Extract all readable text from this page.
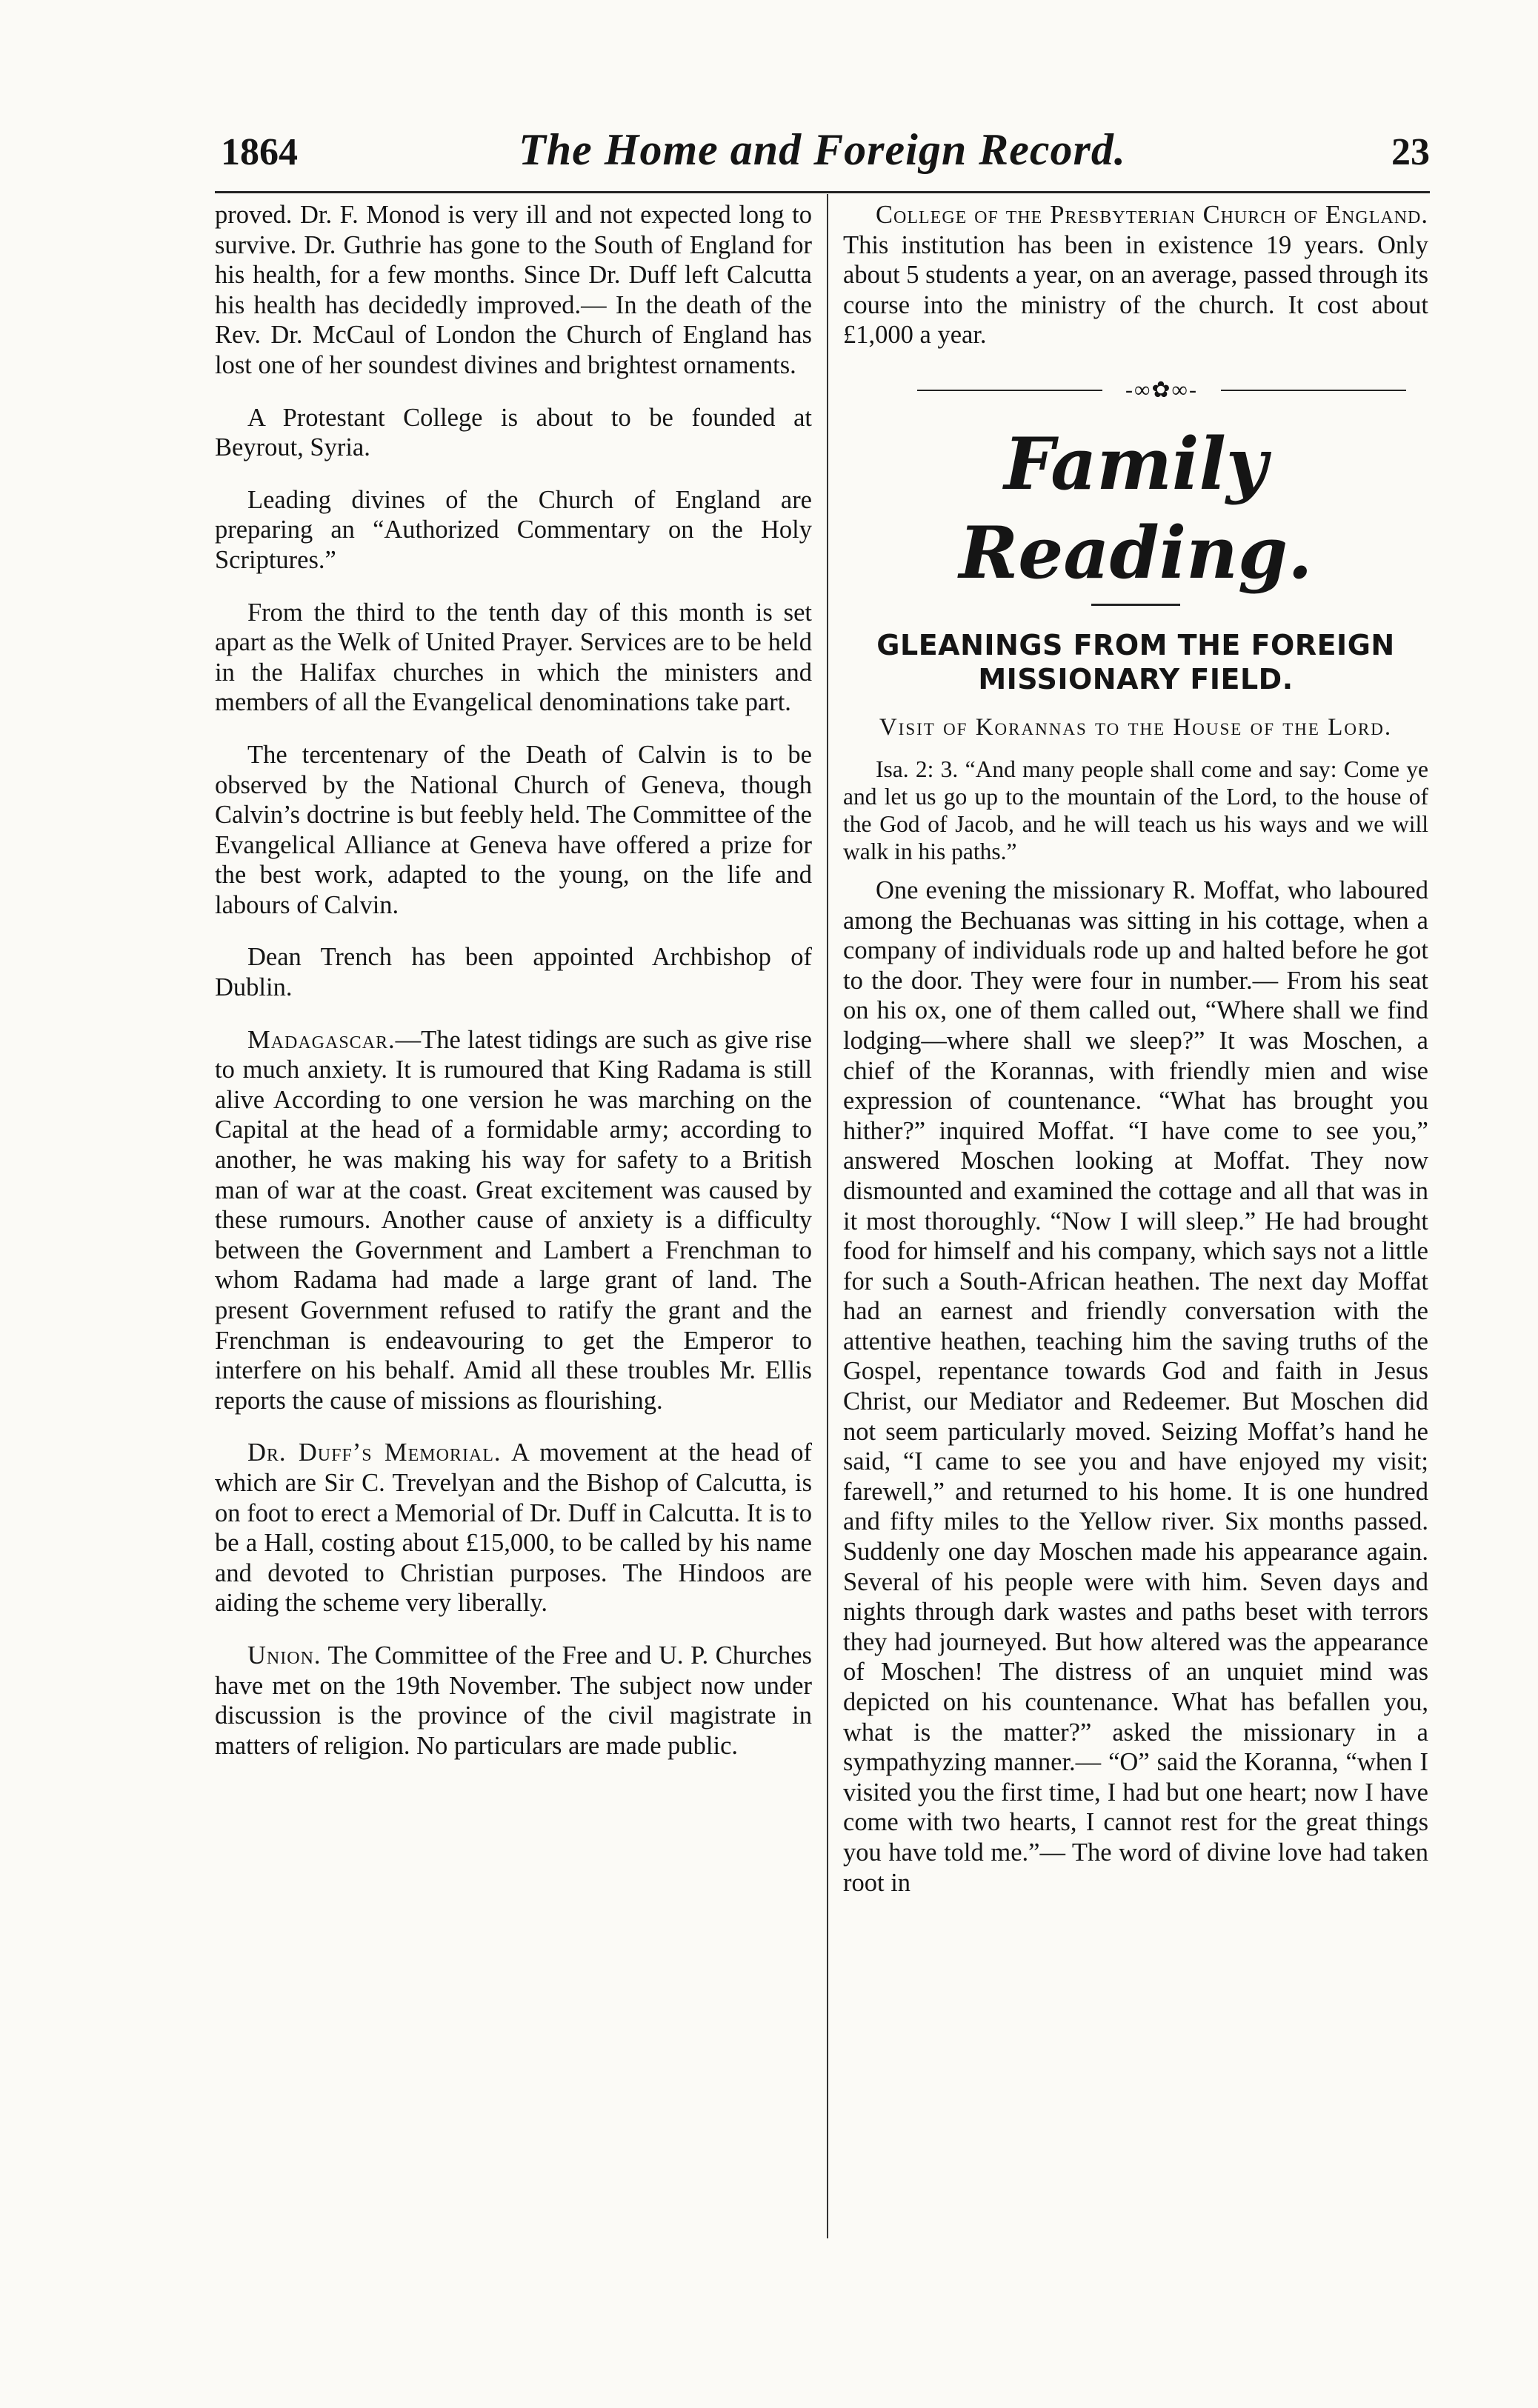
1864	The Home and Foreign Record.	23

proved. Dr. F. Monod is very ill and not expected long to survive. Dr. Guthrie has gone to the South of England for his health, for a few months. Since Dr. Duff left Calcutta his health has decidedly improved.— In the death of the Rev. Dr. McCaul of London the Church of England has lost one of her soundest divines and brightest ornaments.

A Protestant College is about to be founded at Beyrout, Syria.

Leading divines of the Church of England are preparing an “Authorized Commentary on the Holy Scriptures.”

From the third to the tenth day of this month is set apart as the Welk of United Prayer. Services are to be held in the Halifax churches in which the ministers and members of all the Evangelical denominations take part.

The tercentenary of the Death of Calvin is to be observed by the National Church of Geneva, though Calvin’s doctrine is but feebly held. The Committee of the Evangelical Alliance at Geneva have offered a prize for the best work, adapted to the young, on the life and labours of Calvin.

Dean Trench has been appointed Archbishop of Dublin.

Madagascar.—The latest tidings are such as give rise to much anxiety. It is rumoured that King Radama is still alive According to one version he was marching on the Capital at the head of a formidable army; according to another, he was making his way for safety to a British man of war at the coast. Great excitement was caused by these rumours. Another cause of anxiety is a difficulty between the Government and Lambert a Frenchman to whom Radama had made a large grant of land. The present Government refused to ratify the grant and the Frenchman is endeavouring to get the Emperor to interfere on his behalf. Amid all these troubles Mr. Ellis reports the cause of missions as flourishing.

Dr. Duff’s Memorial. A movement at the head of which are Sir C. Trevelyan and the Bishop of Calcutta, is on foot to erect a Memorial of Dr. Duff in Calcutta. It is to be a Hall, costing about £15,000, to be called by his name and devoted to Christian purposes. The Hindoos are aiding the scheme very liberally.

Union. The Committee of the Free and U. P. Churches have met on the 19th November. The subject now under discussion is the province of the civil magistrate in matters of religion. No particulars are made public.

College of the Presbyterian Church of England. This institution has been in existence 19 years. Only about 5 students a year, on an average, passed through its course into the ministry of the church. It cost about £1,000 a year.

-∞✿∞-
Family Reading.
GLEANINGS FROM THE FOREIGN MISSIONARY FIELD.
Visit of Korannas to the House of the Lord.

Isa. 2: 3. “And many people shall come and say: Come ye and let us go up to the mountain of the Lord, to the house of the God of Jacob, and he will teach us his ways and we will walk in his paths.”

One evening the missionary R. Moffat, who laboured among the Bechuanas was sitting in his cottage, when a company of individuals rode up and halted before he got to the door. They were four in number.— From his seat on his ox, one of them called out, “Where shall we find lodging—where shall we sleep?” It was Moschen, a chief of the Korannas, with friendly mien and wise expression of countenance. “What has brought you hither?” inquired Moffat. “I have come to see you,” answered Moschen looking at Moffat. They now dismounted and examined the cottage and all that was in it most thoroughly. “Now I will sleep.” He had brought food for himself and his company, which says not a little for such a South-African heathen. The next day Moffat had an earnest and friendly conversation with the attentive heathen, teaching him the saving truths of the Gospel, repentance towards God and faith in Jesus Christ, our Mediator and Redeemer. But Moschen did not seem particularly moved. Seizing Moffat’s hand he said, “I came to see you and have enjoyed my visit; farewell,” and returned to his home. It is one hundred and fifty miles to the Yellow river. Six months passed. Suddenly one day Moschen made his appearance again. Several of his people were with him. Seven days and nights through dark wastes and paths beset with terrors they had journeyed. But how altered was the appearance of Moschen! The distress of an unquiet mind was depicted on his countenance. What has befallen you, what is the matter?” asked the missionary in a sympathyzing manner.— “O” said the Koranna, “when I visited you the first time, I had but one heart; now I have come with two hearts, I cannot rest for the great things you have told me.”— The word of divine love had taken root in
